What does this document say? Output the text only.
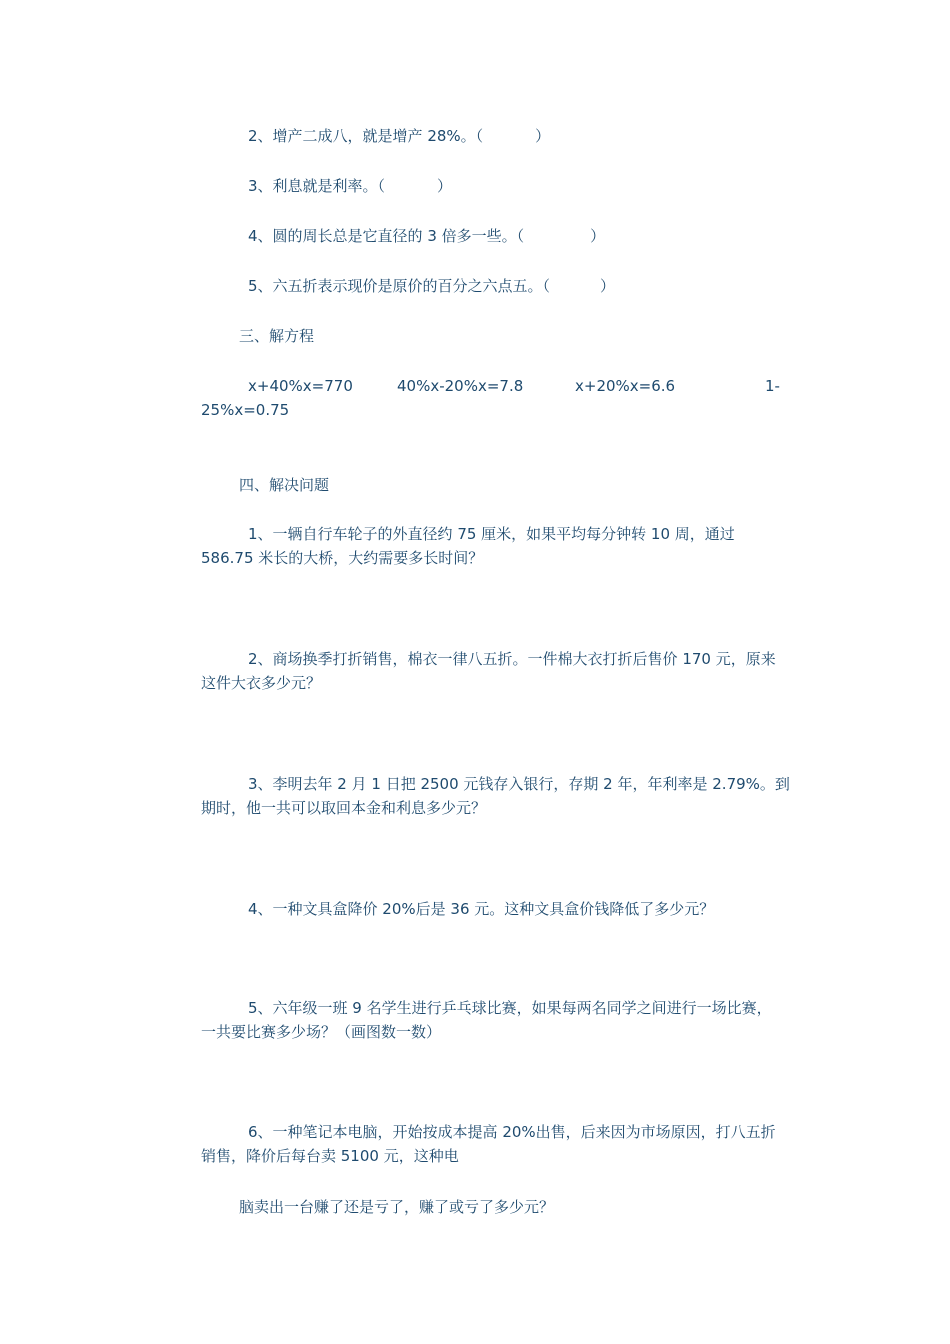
2、增产二成八，就是增产 28%。（	）
3、利息就是利率。（	）
4、圆的周长总是它直径的 3 倍多一些。（	）
5、六五折表示现价是原价的百分之六点五。（	）
三、解方程
x+40%x=770	40%x-20%x=7.8	x+20%x=6.6	1-
25%x=0.75
四、解决问题
1、一辆自行车轮子的外直径约 75 厘米，如果平均每分钟转 10 周，通过
586.75 米长的大桥，大约需要多长时间？
2、商场换季打折销售，棉衣一律八五折。一件棉大衣打折后售价 170 元，原来
这件大衣多少元？
3、李明去年 2 月 1 日把 2500 元钱存入银行，存期 2 年，年利率是 2.79%。到
期时，他一共可以取回本金和利息多少元？
4、一种文具盒降价 20%后是 36 元。这种文具盒价钱降低了多少元？
5、六年级一班 9 名学生进行乒乓球比赛，如果每两名同学之间进行一场比赛，
一共要比赛多少场？（画图数一数）
6、一种笔记本电脑，开始按成本提高 20%出售，后来因为市场原因，打八五折
销售，降价后每台卖 5100 元，这种电
脑卖出一台赚了还是亏了，赚了或亏了多少元？
